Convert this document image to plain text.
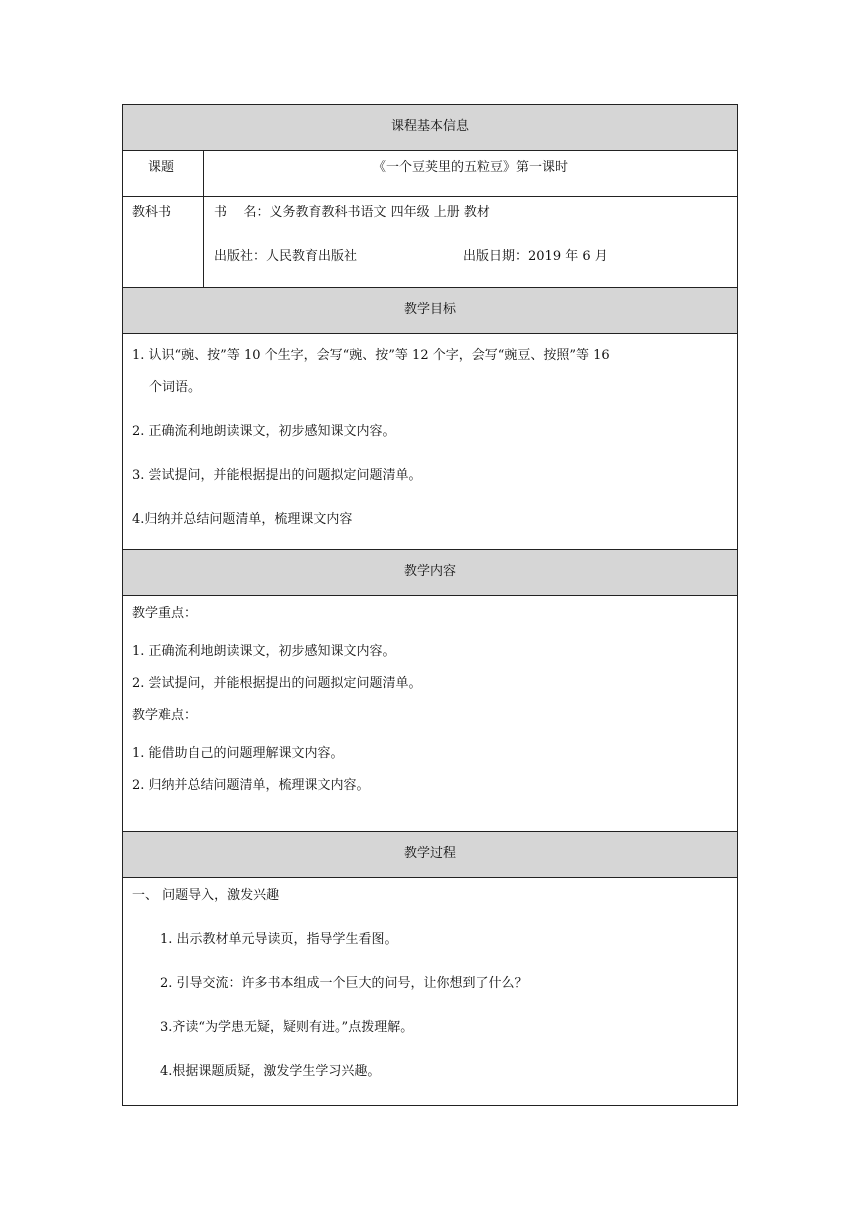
课程基本信息
课题	《一个豆荚里的五粒豆》第一课时
教科书	书    名：义务教育教科书语文 四年级 上册 教材
出版社：人民教育出版社	出版日期：2019 年 6 月
教学目标
1. 认识“豌、按”等 10 个生字，会写“豌、按”等 12 个字，会写“豌豆、按照”等 16
个词语。
2. 正确流利地朗读课文，初步感知课文内容。
3. 尝试提问，并能根据提出的问题拟定问题清单。
4.归纳并总结问题清单，梳理课文内容
教学内容
教学重点：
1. 正确流利地朗读课文，初步感知课文内容。
2. 尝试提问，并能根据提出的问题拟定问题清单。
教学难点：
1. 能借助自己的问题理解课文内容。
2. 归纳并总结问题清单，梳理课文内容。
教学过程
一、 问题导入，激发兴趣
1. 出示教材单元导读页，指导学生看图。
2. 引导交流：许多书本组成一个巨大的问号，让你想到了什么？
3.齐读“为学患无疑，疑则有进。”点拨理解。
4.根据课题质疑，激发学生学习兴趣。
